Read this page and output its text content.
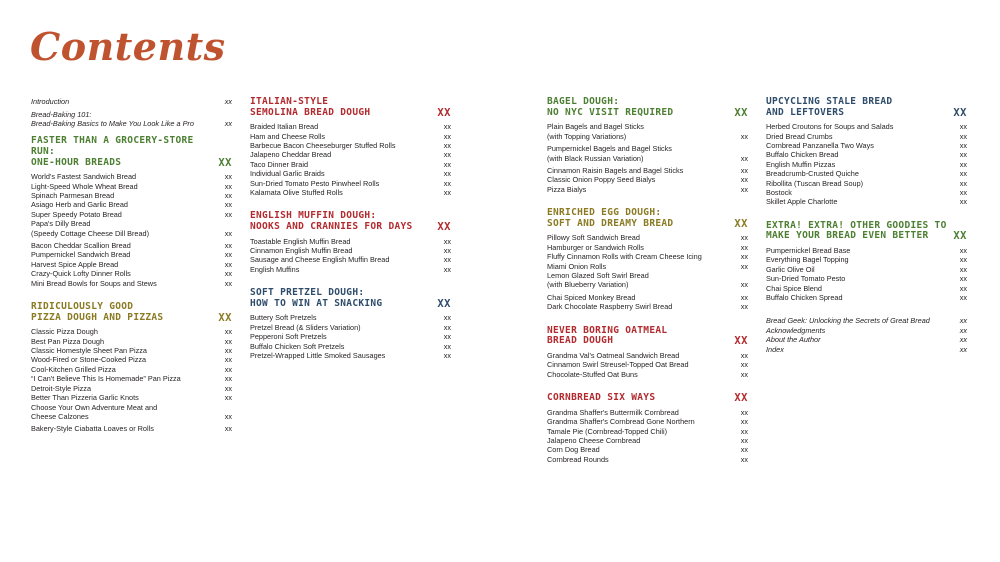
Contents
Introduction	xx
Bread-Baking 101:
Bread-Baking Basics to Make You Look Like a Pro	xx
FASTER THAN A GROCERY-STORE RUN:
ONE-HOUR BREADS	XX
World's Fastest Sandwich Bread	xx
Light-Speed Whole Wheat Bread	xx
Spinach Parmesan Bread	xx
Asiago Herb and Garlic Bread	xx
Super Speedy Potato Bread	xx
Papa's Dilly Bread
(Speedy Cottage Cheese Dill Bread)	xx
Bacon Cheddar Scallion Bread	xx
Pumpernickel Sandwich Bread	xx
Harvest Spice Apple Bread	xx
Crazy-Quick Lofty Dinner Rolls	xx
Mini Bread Bowls for Soups and Stews	xx
RIDICULOUSLY GOOD
PIZZA DOUGH AND PIZZAS	XX
Classic Pizza Dough	xx
Best Pan Pizza Dough	xx
Classic Homestyle Sheet Pan Pizza	xx
Wood-Fired or Stone-Cooked Pizza	xx
Cool-Kitchen Grilled Pizza	xx
“I Can't Believe This Is Homemade” Pan Pizza	xx
Detroit-Style Pizza	xx
Better Than Pizzeria Garlic Knots	xx
Choose Your Own Adventure Meat and
Cheese Calzones	xx
Bakery-Style Ciabatta Loaves or Rolls	xx
ITALIAN-STYLE
SEMOLINA BREAD DOUGH	XX
Braided Italian Bread	xx
Ham and Cheese Rolls	xx
Barbecue Bacon Cheeseburger Stuffed Rolls	xx
Jalapeno Cheddar Bread	xx
Taco Dinner Braid	xx
Individual Garlic Braids	xx
Sun-Dried Tomato Pesto Pinwheel Rolls	xx
Kalamata Olive Stuffed Rolls	xx
ENGLISH MUFFIN DOUGH:
NOOKS AND CRANNIES FOR DAYS XX
Toastable English Muffin Bread	xx
Cinnamon English Muffin Bread	xx
Sausage and Cheese English Muffin Bread	xx
English Muffins	xx
SOFT PRETZEL DOUGH:
HOW TO WIN AT SNACKING	XX
Buttery Soft Pretzels	xx
Pretzel Bread (& Sliders Variation)	xx
Pepperoni Soft Pretzels	xx
Buffalo Chicken Soft Pretzels	xx
Pretzel-Wrapped Little Smoked Sausages	xx
BAGEL DOUGH:
NO NYC VISIT REQUIRED	XX
Plain Bagels and Bagel Sticks
(with Topping Variations)	xx
Pumpernickel Bagels and Bagel Sticks
(with Black Russian Variation)	xx
Cinnamon Raisin Bagels and Bagel Sticks	xx
Classic Onion Poppy Seed Bialys	xx
Pizza Bialys	xx
ENRICHED EGG DOUGH:
SOFT AND DREAMY BREAD	XX
Pillowy Soft Sandwich Bread	xx
Hamburger or Sandwich Rolls	xx
Fluffy Cinnamon Rolls with Cream Cheese Icing	xx
Miami Onion Rolls	xx
Lemon Glazed Soft Swirl Bread
(with Blueberry Variation)	xx
Chai Spiced Monkey Bread	xx
Dark Chocolate Raspberry Swirl Bread	xx
NEVER BORING OATMEAL
BREAD DOUGH	XX
Grandma Val's Oatmeal Sandwich Bread	xx
Cinnamon Swirl Streusel-Topped Oat Bread	xx
Chocolate-Stuffed Oat Buns	xx
CORNBREAD SIX WAYS	XX
Grandma Shaffer's Buttermilk Cornbread	xx
Grandma Shaffer's Cornbread Gone Northern	xx
Tamale Pie (Cornbread-Topped Chili)	xx
Jalapeno Cheese Cornbread	xx
Corn Dog Bread	xx
Cornbread Rounds	xx
UPCYCLING STALE BREAD
AND LEFTOVERS	XX
Herbed Croutons for Soups and Salads	xx
Dried Bread Crumbs	xx
Cornbread Panzanella Two Ways	xx
Buffalo Chicken Bread	xx
English Muffin Pizzas	xx
Breadcrumb-Crusted Quiche	xx
Ribollita (Tuscan Bread Soup)	xx
Bostock	xx
Skillet Apple Charlotte	xx
EXTRA! EXTRA! OTHER GOODIES TO
MAKE YOUR BREAD EVEN BETTER	XX
Pumpernickel Bread Base	xx
Everything Bagel Topping	xx
Garlic Olive Oil	xx
Sun-Dried Tomato Pesto	xx
Chai Spice Blend	xx
Buffalo Chicken Spread	xx
Bread Geek: Unlocking the Secrets of Great Bread	xx
Acknowledgments	xx
About the Author	xx
Index	xx
